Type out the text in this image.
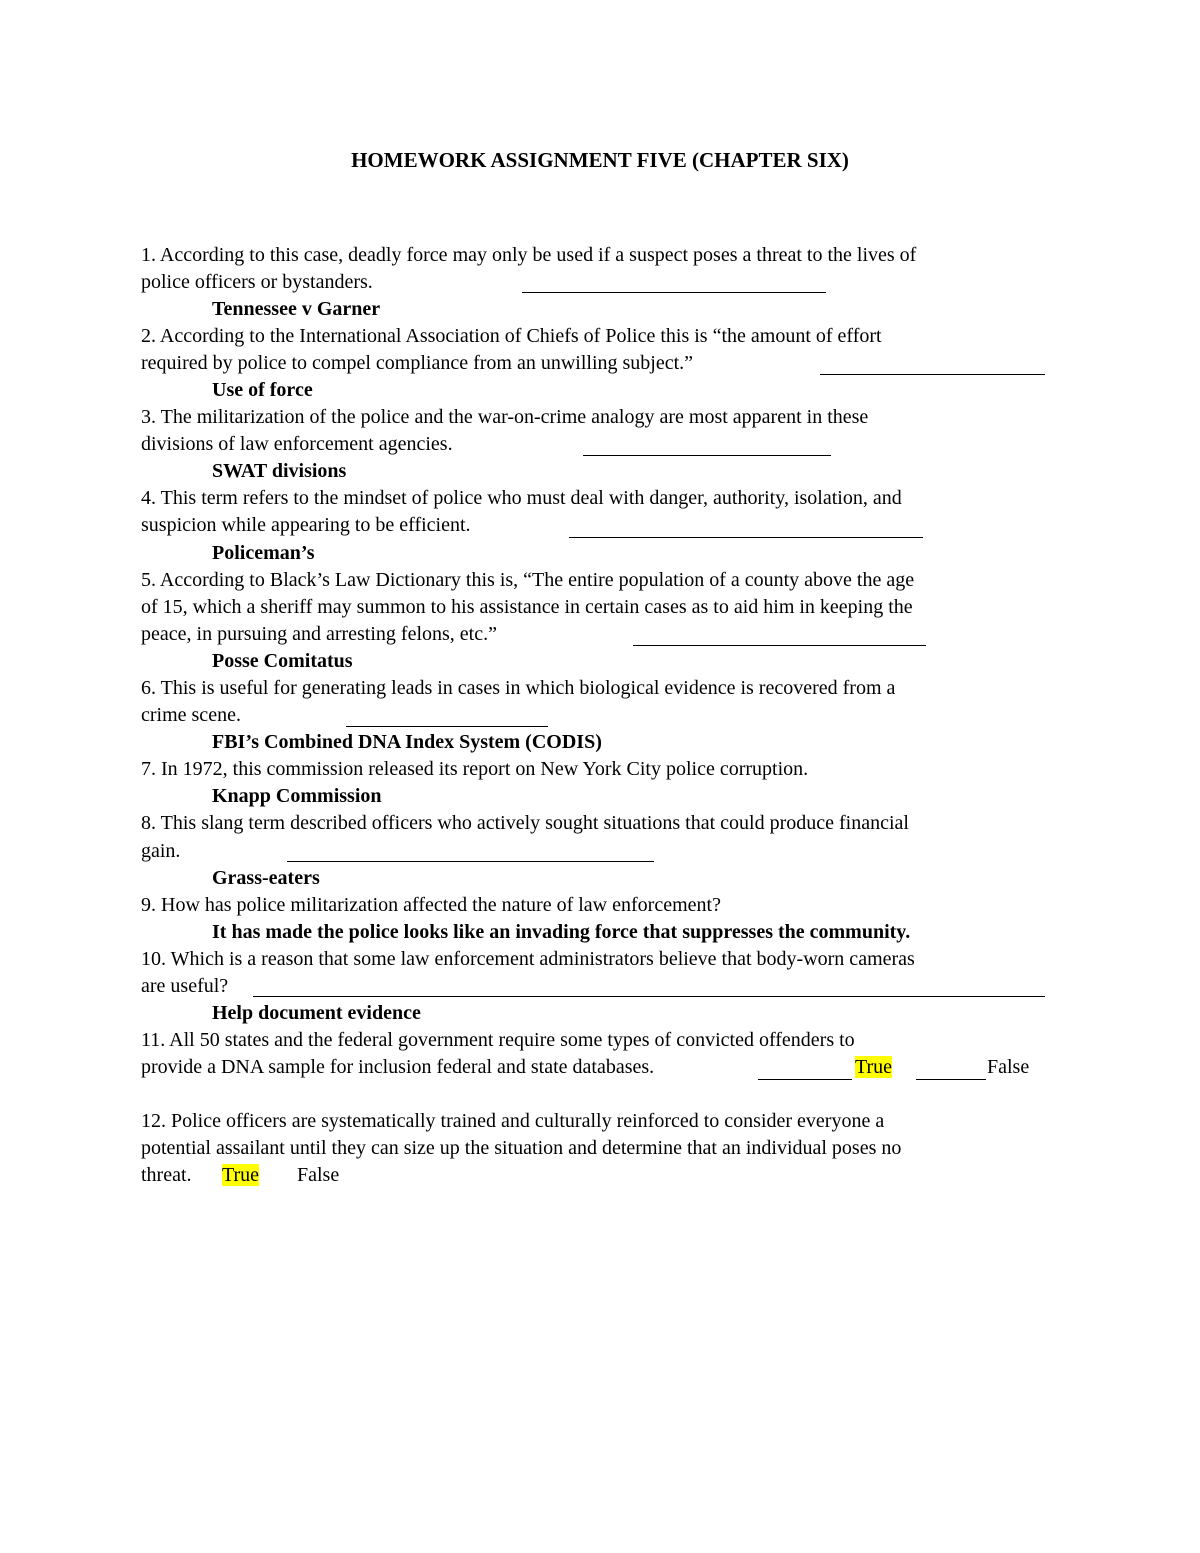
HOMEWORK ASSIGNMENT FIVE (CHAPTER SIX)
1. According to this case, deadly force may only be used if a suspect poses a threat to the lives of
police officers or bystanders.
Tennessee v Garner
2. According to the International Association of Chiefs of Police this is “the amount of effort
required by police to compel compliance from an unwilling subject.”
Use of force
3. The militarization of the police and the war-on-crime analogy are most apparent in these
divisions of law enforcement agencies.
SWAT divisions
4. This term refers to the mindset of police who must deal with danger, authority, isolation, and
suspicion while appearing to be efficient.
Policeman’s
5. According to Black’s Law Dictionary this is, “The entire population of a county above the age
of 15, which a sheriff may summon to his assistance in certain cases as to aid him in keeping the
peace, in pursuing and arresting felons, etc.”
Posse Comitatus
6. This is useful for generating leads in cases in which biological evidence is recovered from a
crime scene.
FBI’s Combined DNA Index System (CODIS)
7. In 1972, this commission released its report on New York City police corruption.
Knapp Commission
8. This slang term described officers who actively sought situations that could produce financial
gain.
Grass-eaters
9. How has police militarization affected the nature of law enforcement?
It has made the police looks like an invading force that suppresses the community.
10. Which is a reason that some law enforcement administrators believe that body-worn cameras
are useful?
Help document evidence
11. All 50 states and the federal government require some types of convicted offenders to
provide a DNA sample for inclusion federal and state databases.	True	False
12. Police officers are systematically trained and culturally reinforced to consider everyone a
potential assailant until they can size up the situation and determine that an individual poses no
threat. True False
